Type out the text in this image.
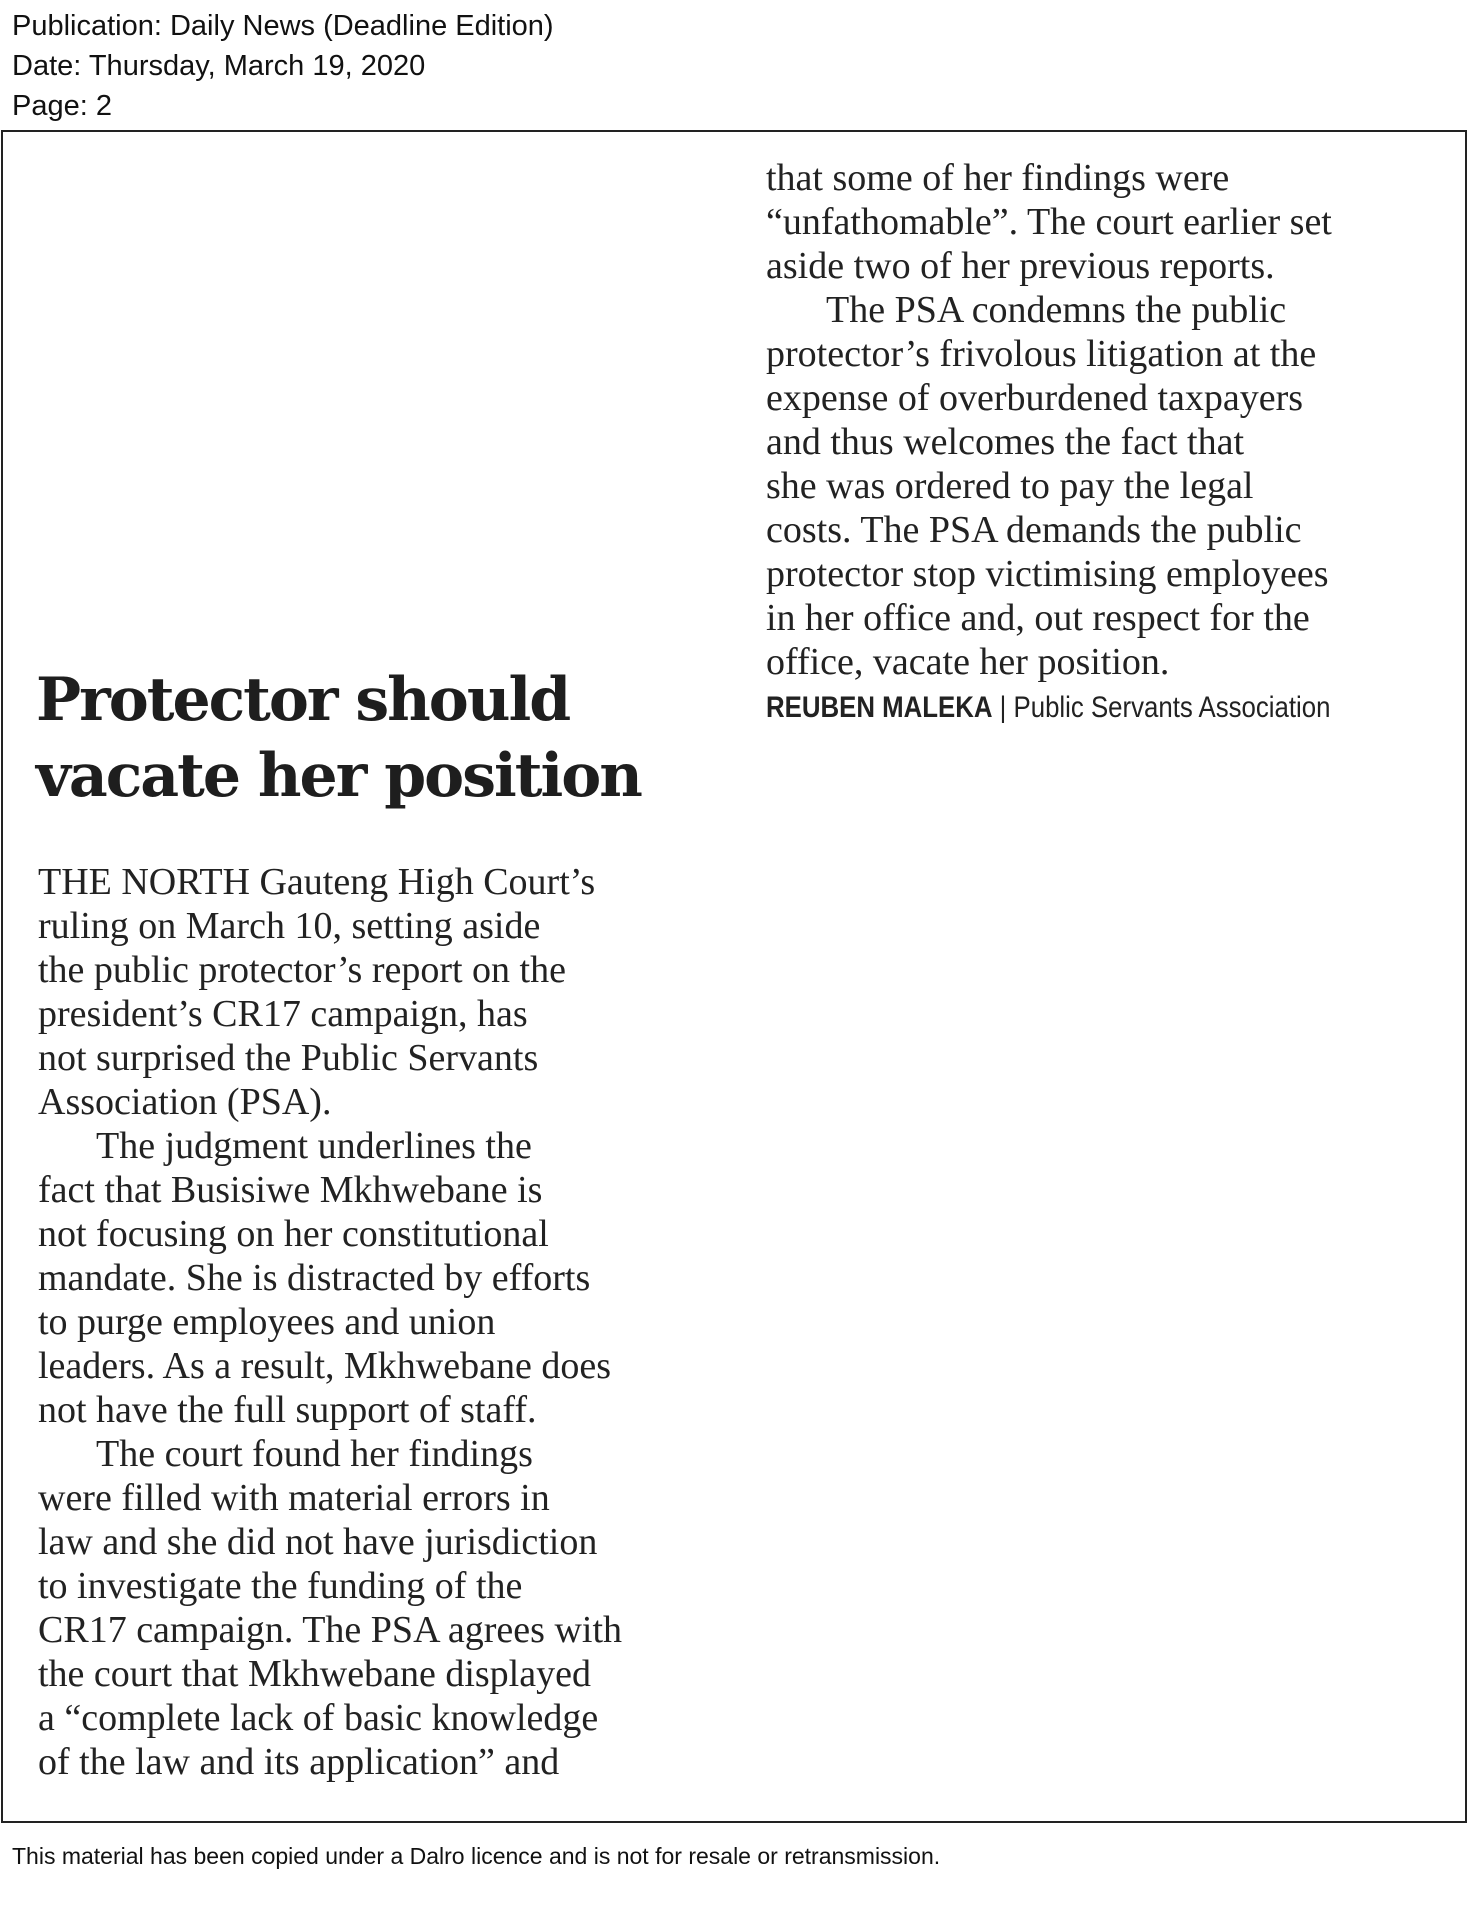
Publication: Daily News (Deadline Edition)
Date: Thursday, March 19, 2020
Page: 2
Protector should
vacate her position

THE NORTH Gauteng High Court’s

ruling on March 10, setting aside

the public protector’s report on the

president’s CR17 campaign, has

not surprised the Public Servants

Association (PSA).

The judgment underlines the

fact that Busisiwe Mkhwebane is

not focusing on her constitutional

mandate. She is distracted by efforts

to purge employees and union

leaders. As a result, Mkhwebane does

not have the full support of staff.

The court found her findings

were filled with material errors in

law and she did not have jurisdiction

to investigate the funding of the

CR17 campaign. The PSA agrees with

the court that Mkhwebane displayed

a “complete lack of basic knowledge

of the law and its application” and

that some of her findings were

“unfathomable”. The court earlier set

aside two of her previous reports.

The PSA condemns the public

protector’s frivolous litigation at the

expense of overburdened taxpayers

and thus welcomes the fact that

she was ordered to pay the legal

costs. The PSA demands the public

protector stop victimising employees

in her office and, out respect for the

office, vacate her position.

REUBEN MALEKA | Public Servants Association

This material has been copied under a Dalro licence and is not for resale or retransmission.
